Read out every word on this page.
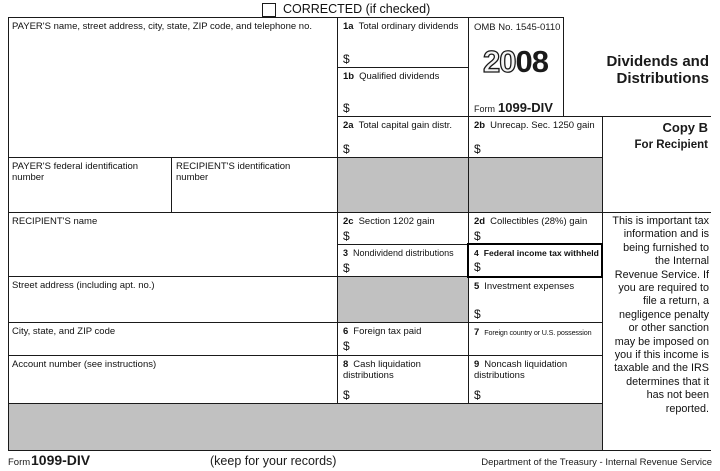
CORRECTED (if checked)
PAYER'S name, street address, city, state, ZIP code, and telephone no.
PAYER'S federal identification number
RECIPIENT'S identification number
RECIPIENT'S name
Street address (including apt. no.)
City, state, and ZIP code
Account number (see instructions)
OMB No. 1545-0110
2008
Form 1099-DIV
Dividends and
Distributions
Copy B
For Recipient
This is important tax information and is being furnished to the Internal Revenue Service. If you are required to file a return, a negligence penalty or other sanction may be imposed on you if this income is taxable and the IRS determines that it has not been reported.
1a Total ordinary dividends
$
1b Qualified dividends
$
2a Total capital gain distr.
$
2b Unrecap. Sec. 1250 gain
$
2c Section 1202 gain
$
2d Collectibles (28%) gain
$
3 Nondividend distributions
$
4 Federal income tax withheld
$
5 Investment expenses
$
6 Foreign tax paid
$
7 Foreign country or U.S. possession
8 Cash liquidation distributions
$
9 Noncash liquidation distributions
$
Form 1099-DIV	(keep for your records)	Department of the Treasury - Internal Revenue Service
